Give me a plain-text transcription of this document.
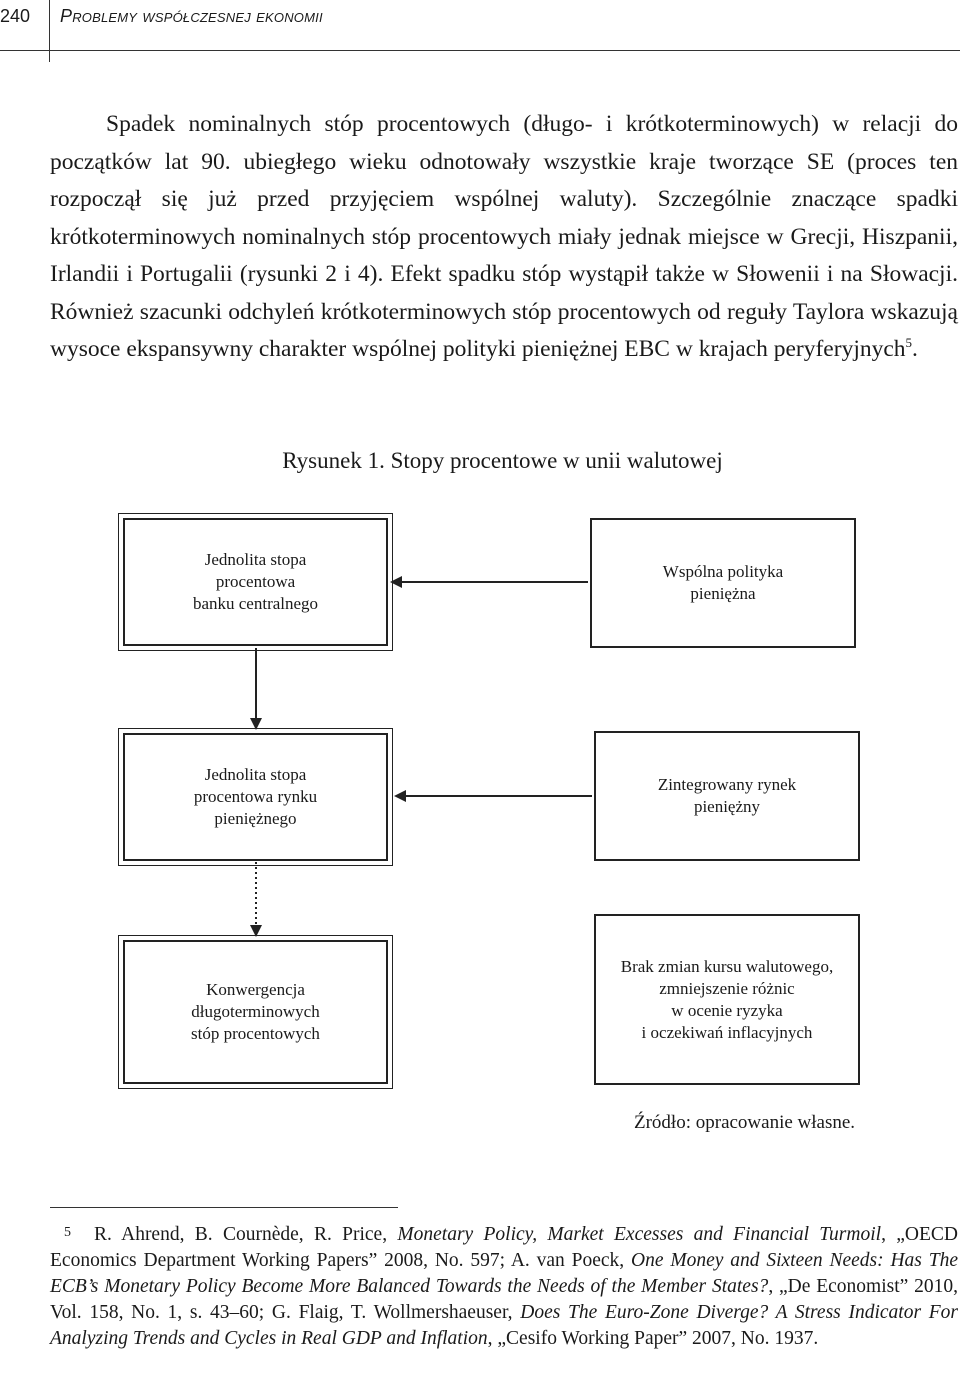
240	Problemy współczesnej ekonomii

Spadek nominalnych stóp procentowych (długo- i krótkoterminowych) w relacji do początków lat 90. ubiegłego wieku odnotowały wszystkie kraje tworzące SE (proces ten rozpoczął się już przed przyjęciem wspólnej waluty). Szczególnie znaczące spadki krótkoterminowych nominalnych stóp procentowych miały jednak miejsce w Grecji, Hiszpanii, Irlandii i Portugalii (rysunki 2 i 4). Efekt spadku stóp wystąpił także w Słowenii i na Słowacji. Również szacunki odchyleń krótkoterminowych stóp procentowych od reguły Taylora wskazują wysoce ekspansywny charakter wspólnej polityki pieniężnej EBC w krajach peryferyjnych$^5$.

Rysunek 1. Stopy procentowe w unii walutowej
Jednolita stopa
procentowa
banku centralnego
Wspólna polityka
pieniężna
Jednolita stopa
procentowa rynku
pieniężnego
Zintegrowany rynek
pieniężny
Konwergencja
długoterminowych
stóp procentowych
Brak zmian kursu walutowego,
zmniejszenie różnic
w ocenie ryzyka
i oczekiwań inflacyjnych
Źródło: opracowanie własne.

5 R. Ahrend, B. Cournède, R. Price, Monetary Policy, Market Excesses and Financial Turmoil, „OECD Economics Department Working Papers” 2008, No. 597; A. van Poeck, One Money and Sixteen Needs: Has The ECB’s Monetary Policy Become More Balanced Towards the Needs of the Member States?, „De Economist” 2010, Vol. 158, No. 1, s. 43–60; G. Flaig, T. Wollmershaeuser, Does The Euro-Zone Diverge? A Stress Indicator For Analyzing Trends and Cycles in Real GDP and Inflation, „Cesifo Working Paper” 2007, No. 1937.
